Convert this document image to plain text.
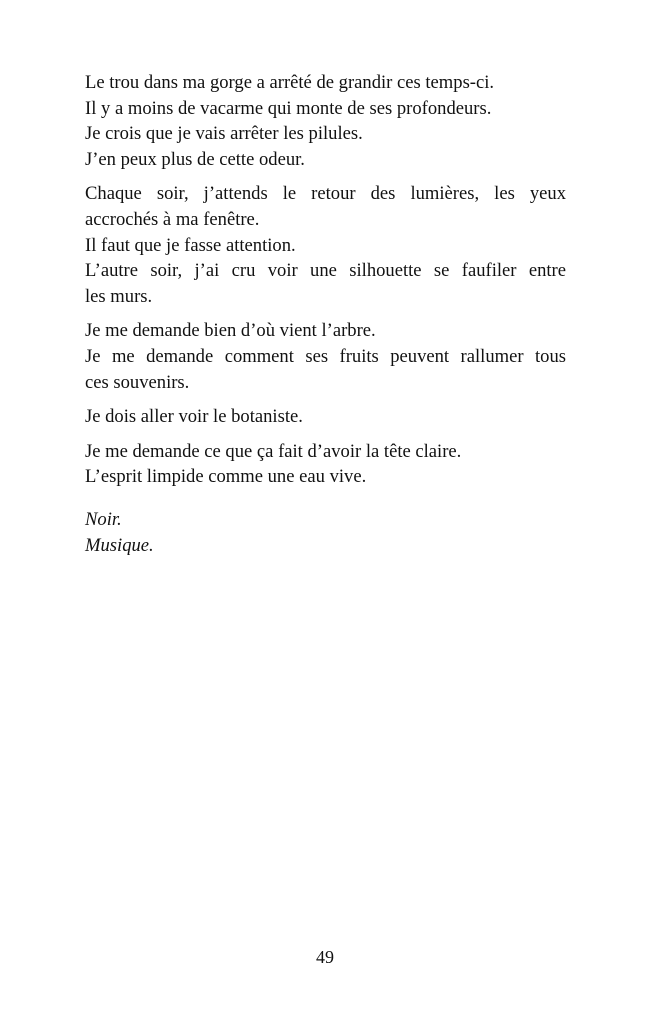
Le trou dans ma gorge a arrêté de grandir ces temps-ci.
Il y a moins de vacarme qui monte de ses profondeurs.
Je crois que je vais arrêter les pilules.
J’en peux plus de cette odeur.

Chaque soir, j’attends le retour des lumières, les yeux
accrochés à ma fenêtre.
Il faut que je fasse attention.
L’autre soir, j’ai cru voir une silhouette se faufiler entre
les murs.

Je me demande bien d’où vient l’arbre.
Je me demande comment ses fruits peuvent rallumer tous
ces souvenirs.

Je dois aller voir le botaniste.

Je me demande ce que ça fait d’avoir la tête claire.
L’esprit limpide comme une eau vive.

Noir.
Musique.

49
